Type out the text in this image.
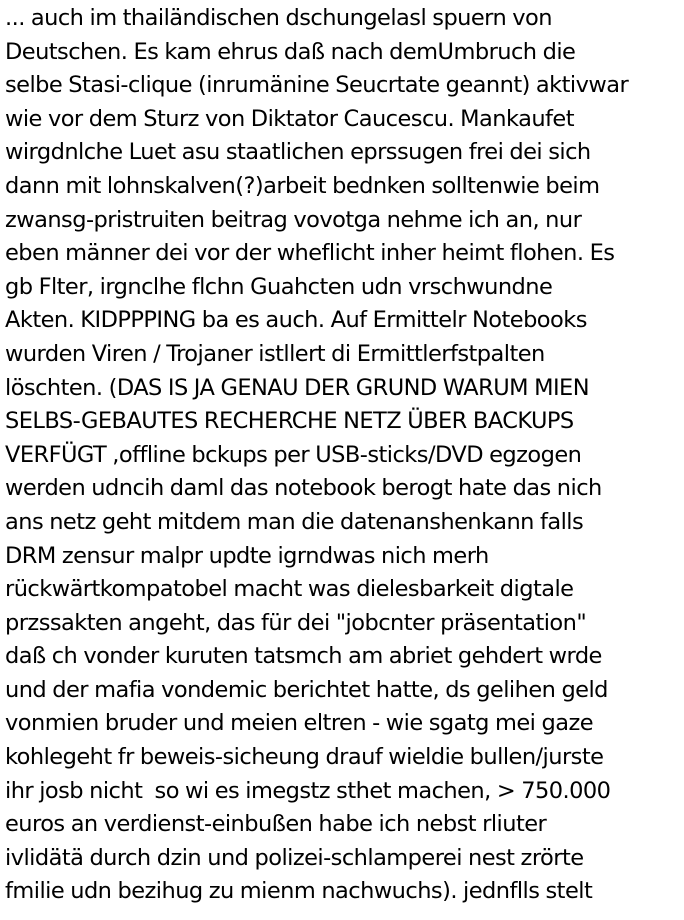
... auch im thailändischen dschungelasl spuern von
Deutschen. Es kam ehrus daß nach demUmbruch die
selbe Stasi-clique (inrumänine Seucrtate geannt) aktivwar
wie vor dem Sturz von Diktator Caucescu. Mankaufet
wirgdnlche Luet asu staatlichen eprssugen frei dei sich
dann mit lohnskalven(?)arbeit bednken solltenwie beim
zwansg-pristruiten beitrag vovotga nehme ich an, nur
eben männer dei vor der wheflicht inher heimt flohen. Es
gb Flter, irgnclhe flchn Guahcten udn vrschwundne
Akten. KIDPPPING ba es auch. Auf Ermittelr Notebooks
wurden Viren / Trojaner istllert di Ermittlerfstpalten
löschten. (DAS IS JA GENAU DER GRUND WARUM MIEN
SELBS-GEBAUTES RECHERCHE NETZ ÜBER BACKUPS
VERFÜGT ,offline bckups per USB-sticks/DVD egzogen
werden udncih daml das notebook berogt hate das nich
ans netz geht mitdem man die datenanshenkann falls
DRM zensur malpr updte igrndwas nich merh
rückwärtkompatobel macht was dielesbarkeit digtale
przssakten angeht, das für dei "jobcnter präsentation"
daß ch vonder kuruten tatsmch am abriet gehdert wrde
und der mafia vondemic berichtet hatte, ds gelihen geld
vonmien bruder und meien eltren - wie sgatg mei gaze
kohlegeht fr beweis-sicheung drauf wieldie bullen/jurste
ihr josb nicht  so wi es imegstz sthet machen, > 750.000
euros an verdienst-einbußen habe ich nebst rliuter
ivlidätä durch dzin und polizei-schlamperei nest zrörte
fmilie udn bezihug zu mienm nachwuchs). jednflls stelt
